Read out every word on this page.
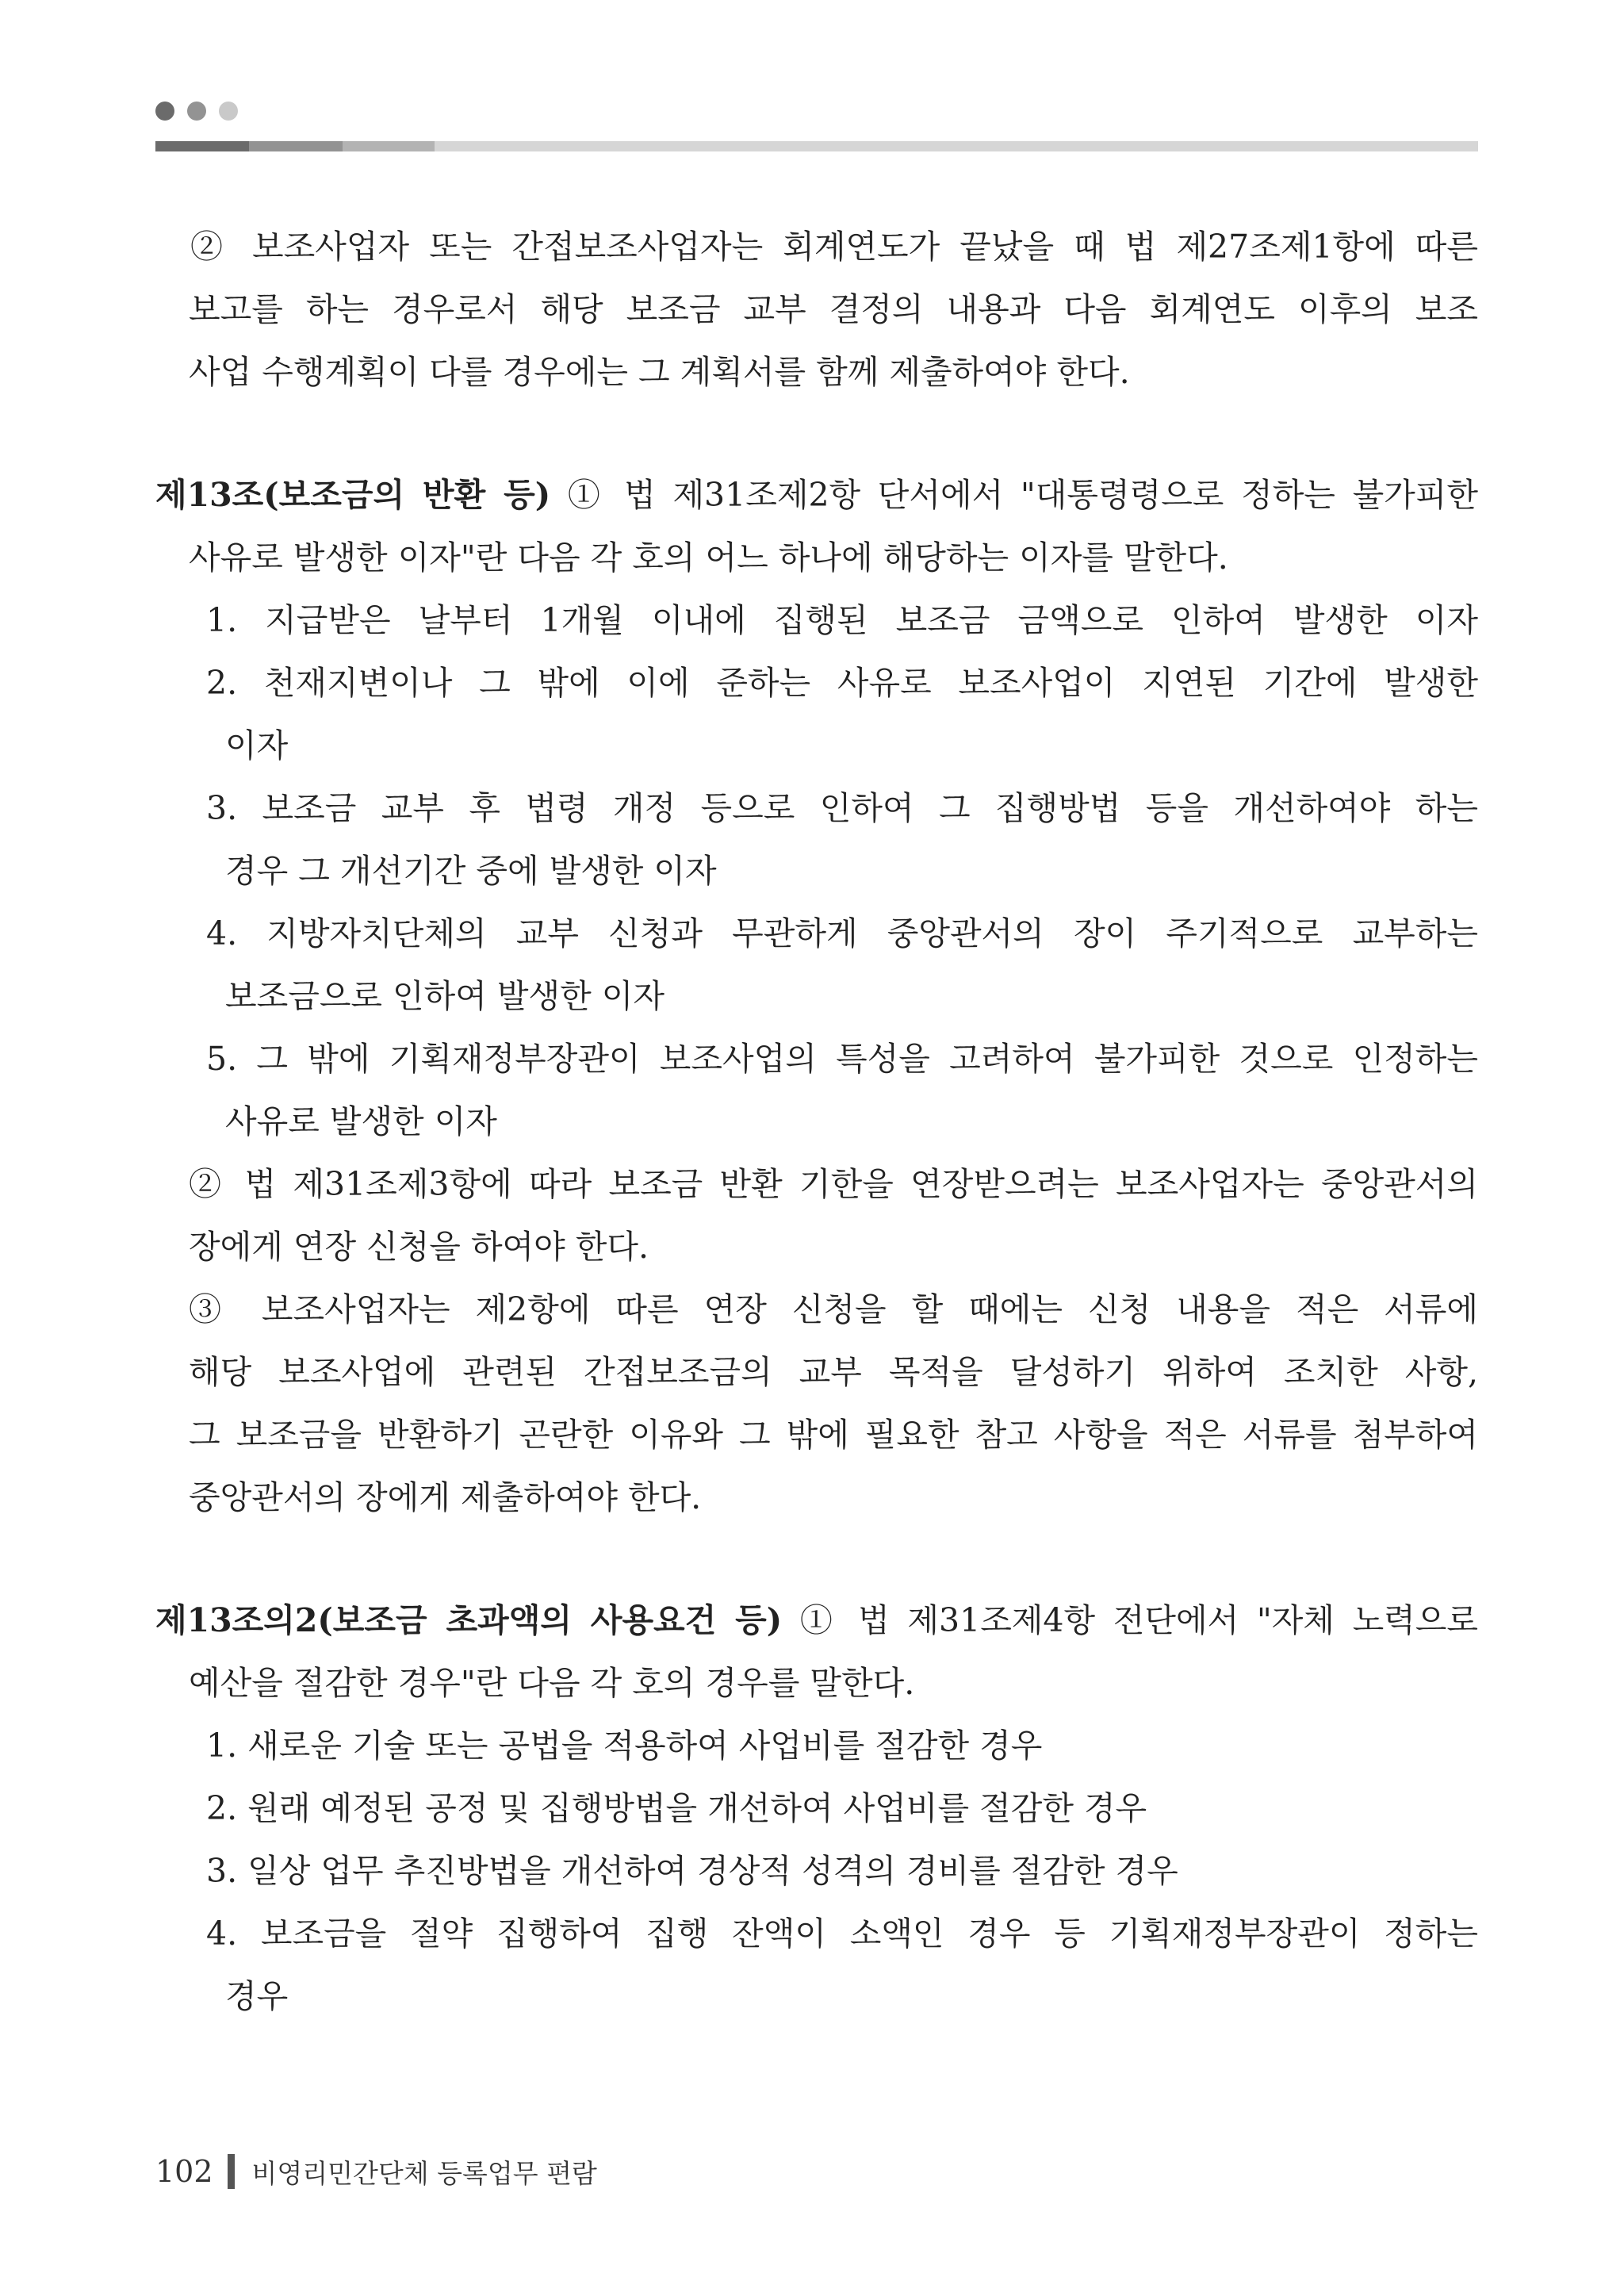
② 보조사업자 또는 간접보조사업자는 회계연도가 끝났을 때 법 제27조제1항에 따른
보고를 하는 경우로서 해당 보조금 교부 결정의 내용과 다음 회계연도 이후의 보조
사업 수행계획이 다를 경우에는 그 계획서를 함께 제출하여야 한다.
제13조(보조금의 반환 등) ① 법 제31조제2항 단서에서 "대통령령으로 정하는 불가피한
사유로 발생한 이자"란 다음 각 호의 어느 하나에 해당하는 이자를 말한다.
1. 지급받은 날부터 1개월 이내에 집행된 보조금 금액으로 인하여 발생한 이자
2. 천재지변이나 그 밖에 이에 준하는 사유로 보조사업이 지연된 기간에 발생한
이자
3. 보조금 교부 후 법령 개정 등으로 인하여 그 집행방법 등을 개선하여야 하는
경우 그 개선기간 중에 발생한 이자
4. 지방자치단체의 교부 신청과 무관하게 중앙관서의 장이 주기적으로 교부하는
보조금으로 인하여 발생한 이자
5. 그 밖에 기획재정부장관이 보조사업의 특성을 고려하여 불가피한 것으로 인정하는
사유로 발생한 이자
② 법 제31조제3항에 따라 보조금 반환 기한을 연장받으려는 보조사업자는 중앙관서의
장에게 연장 신청을 하여야 한다.
③ 보조사업자는 제2항에 따른 연장 신청을 할 때에는 신청 내용을 적은 서류에
해당 보조사업에 관련된 간접보조금의 교부 목적을 달성하기 위하여 조치한 사항,
그 보조금을 반환하기 곤란한 이유와 그 밖에 필요한 참고 사항을 적은 서류를 첨부하여
중앙관서의 장에게 제출하여야 한다.
제13조의2(보조금 초과액의 사용요건 등) ① 법 제31조제4항 전단에서 "자체 노력으로
예산을 절감한 경우"란 다음 각 호의 경우를 말한다.
1. 새로운 기술 또는 공법을 적용하여 사업비를 절감한 경우
2. 원래 예정된 공정 및 집행방법을 개선하여 사업비를 절감한 경우
3. 일상 업무 추진방법을 개선하여 경상적 성격의 경비를 절감한 경우
4. 보조금을 절약 집행하여 집행 잔액이 소액인 경우 등 기획재정부장관이 정하는
경우
102 비영리민간단체 등록업무 편람
